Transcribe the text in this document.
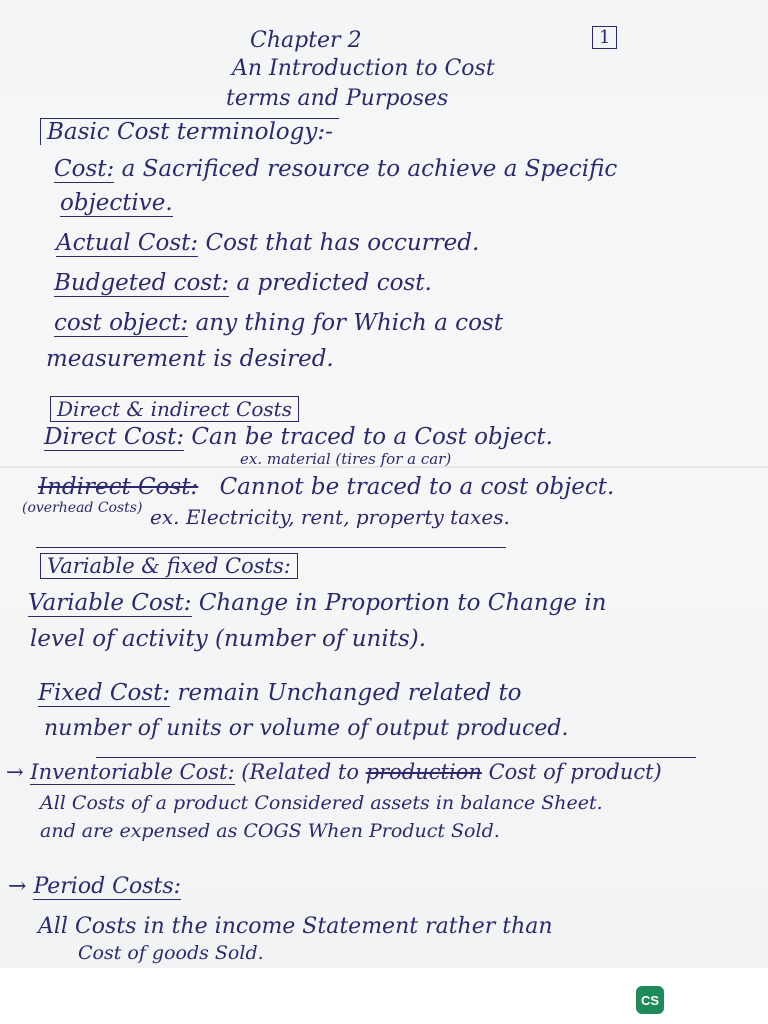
Chapter 2	1
An Introduction to Cost
terms and Purposes
Basic Cost terminology:-
Cost: a Sacrificed resource to achieve a Specific
objective.
Actual Cost: Cost that has occurred.
Budgeted cost: a predicted cost.
cost object: any thing for Which a cost
measurement is desired.
Direct & indirect Costs
Direct Cost: Can be traced to a Cost object.
ex. material (tires for a car)
Indirect Cost: Cannot be traced to a cost object.
(overhead Costs) ex. Electricity, rent, property taxes.
Variable & fixed Costs:
Variable Cost: Change in Proportion to Change in
level of activity (number of units).
Fixed Cost: remain Unchanged related to
number of units or volume of output produced.
→ Inventoriable Cost: (Related to production Cost of product)
All Costs of a product Considered assets in balance Sheet.
and are expensed as COGS When Product Sold.
→ Period Costs:
All Costs in the income Statement rather than
Cost of goods Sold.
CS
